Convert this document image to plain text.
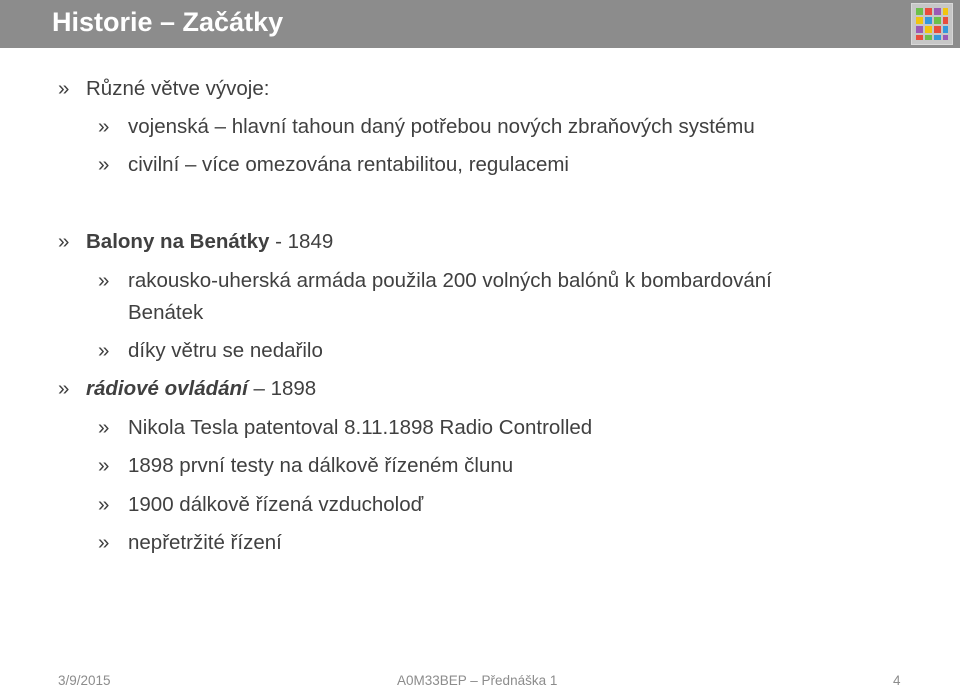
Historie – Začátky
» Různé větve vývoje:
» vojenská – hlavní tahoun daný potřebou nových zbraňových systému
» civilní – více omezována rentabilitou, regulacemi
» Balony na Benátky - 1849
» rakousko-uherská armáda použila 200 volných balónů k bombardování
Benátek
» díky větru se nedařilo
» rádiové ovládání – 1898
» Nikola Tesla patentoval 8.11.1898 Radio Controlled
» 1898 první testy na dálkově řízeném člunu
» 1900 dálkově řízená vzducholoď
» nepřetržité řízení
3/9/2015	A0M33BEP – Přednáška 1	4
